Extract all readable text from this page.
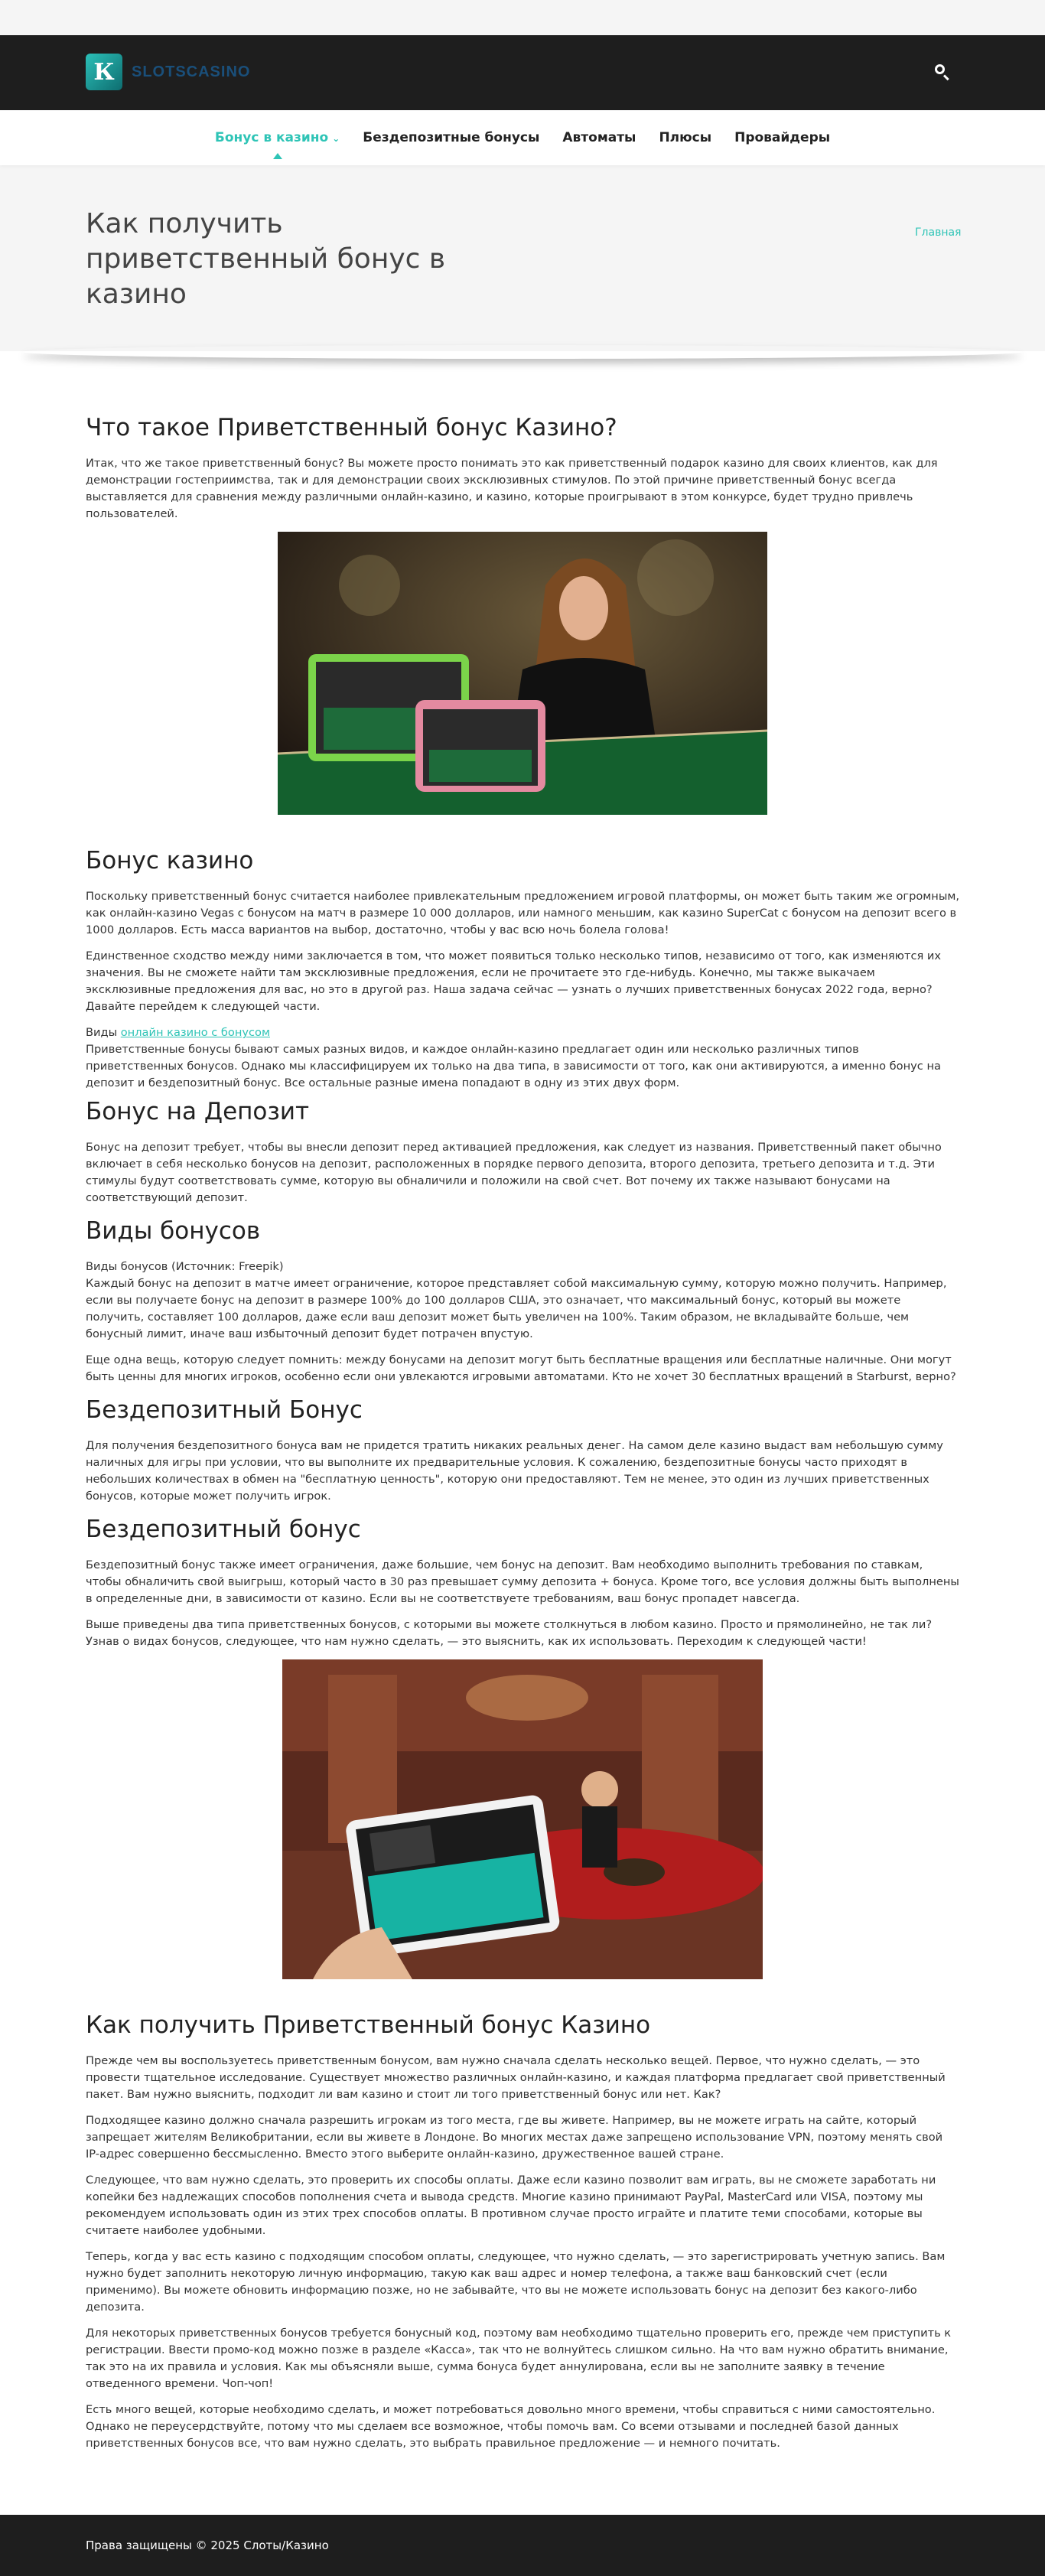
К	SLOTSCASINO
Бонус в казино ⌄ Бездепозитные бонусы Автоматы Плюсы Провайдеры
Как получить приветственный бонус в казино
Главная
Что такое Приветственный бонус Казино?

Итак, что же такое приветственный бонус? Вы можете просто понимать это как приветственный подарок казино для своих клиентов, как для демонстрации гостеприимства, так и для демонстрации своих эксклюзивных стимулов. По этой причине приветственный бонус всегда выставляется для сравнения между различными онлайн-казино, и казино, которые проигрывают в этом конкурсе, будет трудно привлечь пользователей.

Бонус казино

Поскольку приветственный бонус считается наиболее привлекательным предложением игровой платформы, он может быть таким же огромным, как онлайн-казино Vegas с бонусом на матч в размере 10 000 долларов, или намного меньшим, как казино SuperCat с бонусом на депозит всего в 1000 долларов. Есть масса вариантов на выбор, достаточно, чтобы у вас всю ночь болела голова!

Единственное сходство между ними заключается в том, что может появиться только несколько типов, независимо от того, как изменяются их значения. Вы не сможете найти там эксклюзивные предложения, если не прочитаете это где-нибудь. Конечно, мы также выкачаем эксклюзивные предложения для вас, но это в другой раз. Наша задача сейчас — узнать о лучших приветственных бонусах 2022 года, верно? Давайте перейдем к следующей части.

Виды онлайн казино с бонусом
Приветственные бонусы бывают самых разных видов, и каждое онлайн-казино предлагает один или несколько различных типов приветственных бонусов. Однако мы классифицируем их только на два типа, в зависимости от того, как они активируются, а именно бонус на депозит и бездепозитный бонус. Все остальные разные имена попадают в одну из этих двух форм.

Бонус на Депозит

Бонус на депозит требует, чтобы вы внесли депозит перед активацией предложения, как следует из названия. Приветственный пакет обычно включает в себя несколько бонусов на депозит, расположенных в порядке первого депозита, второго депозита, третьего депозита и т.д. Эти стимулы будут соответствовать сумме, которую вы обналичили и положили на свой счет. Вот почему их также называют бонусами на соответствующий депозит.

Виды бонусов

Виды бонусов (Источник: Freepik)
Каждый бонус на депозит в матче имеет ограничение, которое представляет собой максимальную сумму, которую можно получить. Например, если вы получаете бонус на депозит в размере 100% до 100 долларов США, это означает, что максимальный бонус, который вы можете получить, составляет 100 долларов, даже если ваш депозит может быть увеличен на 100%. Таким образом, не вкладывайте больше, чем бонусный лимит, иначе ваш избыточный депозит будет потрачен впустую.

Еще одна вещь, которую следует помнить: между бонусами на депозит могут быть бесплатные вращения или бесплатные наличные. Они могут быть ценны для многих игроков, особенно если они увлекаются игровыми автоматами. Кто не хочет 30 бесплатных вращений в Starburst, верно?

Бездепозитный Бонус

Для получения бездепозитного бонуса вам не придется тратить никаких реальных денег. На самом деле казино выдаст вам небольшую сумму наличных для игры при условии, что вы выполните их предварительные условия. К сожалению, бездепозитные бонусы часто приходят в небольших количествах в обмен на "бесплатную ценность", которую они предоставляют. Тем не менее, это один из лучших приветственных бонусов, которые может получить игрок.

Бездепозитный бонус

Бездепозитный бонус также имеет ограничения, даже большие, чем бонус на депозит. Вам необходимо выполнить требования по ставкам, чтобы обналичить свой выигрыш, который часто в 30 раз превышает сумму депозита + бонуса. Кроме того, все условия должны быть выполнены в определенные дни, в зависимости от казино. Если вы не соответствуете требованиям, ваш бонус пропадет навсегда.

Выше приведены два типа приветственных бонусов, с которыми вы можете столкнуться в любом казино. Просто и прямолинейно, не так ли? Узнав о видах бонусов, следующее, что нам нужно сделать, — это выяснить, как их использовать. Переходим к следующей части!

Как получить Приветственный бонус Казино

Прежде чем вы воспользуетесь приветственным бонусом, вам нужно сначала сделать несколько вещей. Первое, что нужно сделать, — это провести тщательное исследование. Существует множество различных онлайн-казино, и каждая платформа предлагает свой приветственный пакет. Вам нужно выяснить, подходит ли вам казино и стоит ли того приветственный бонус или нет. Как?

Подходящее казино должно сначала разрешить игрокам из того места, где вы живете. Например, вы не можете играть на сайте, который запрещает жителям Великобритании, если вы живете в Лондоне. Во многих местах даже запрещено использование VPN, поэтому менять свой IP-адрес совершенно бессмысленно. Вместо этого выберите онлайн-казино, дружественное вашей стране.

Следующее, что вам нужно сделать, это проверить их способы оплаты. Даже если казино позволит вам играть, вы не сможете заработать ни копейки без надлежащих способов пополнения счета и вывода средств. Многие казино принимают PayPal, MasterCard или VISA, поэтому мы рекомендуем использовать один из этих трех способов оплаты. В противном случае просто играйте и платите теми способами, которые вы считаете наиболее удобными.

Теперь, когда у вас есть казино с подходящим способом оплаты, следующее, что нужно сделать, — это зарегистрировать учетную запись. Вам нужно будет заполнить некоторую личную информацию, такую как ваш адрес и номер телефона, а также ваш банковский счет (если применимо). Вы можете обновить информацию позже, но не забывайте, что вы не можете использовать бонус на депозит без какого-либо депозита.

Для некоторых приветственных бонусов требуется бонусный код, поэтому вам необходимо тщательно проверить его, прежде чем приступить к регистрации. Ввести промо-код можно позже в разделе «Касса», так что не волнуйтесь слишком сильно. На что вам нужно обратить внимание, так это на их правила и условия. Как мы объясняли выше, сумма бонуса будет аннулирована, если вы не заполните заявку в течение отведенного времени. Чоп-чоп!

Есть много вещей, которые необходимо сделать, и может потребоваться довольно много времени, чтобы справиться с ними самостоятельно. Однако не переусердствуйте, потому что мы сделаем все возможное, чтобы помочь вам. Со всеми отзывами и последней базой данных приветственных бонусов все, что вам нужно сделать, это выбрать правильное предложение — и немного почитать.

Права защищены © 2025 Слоты/Казино
